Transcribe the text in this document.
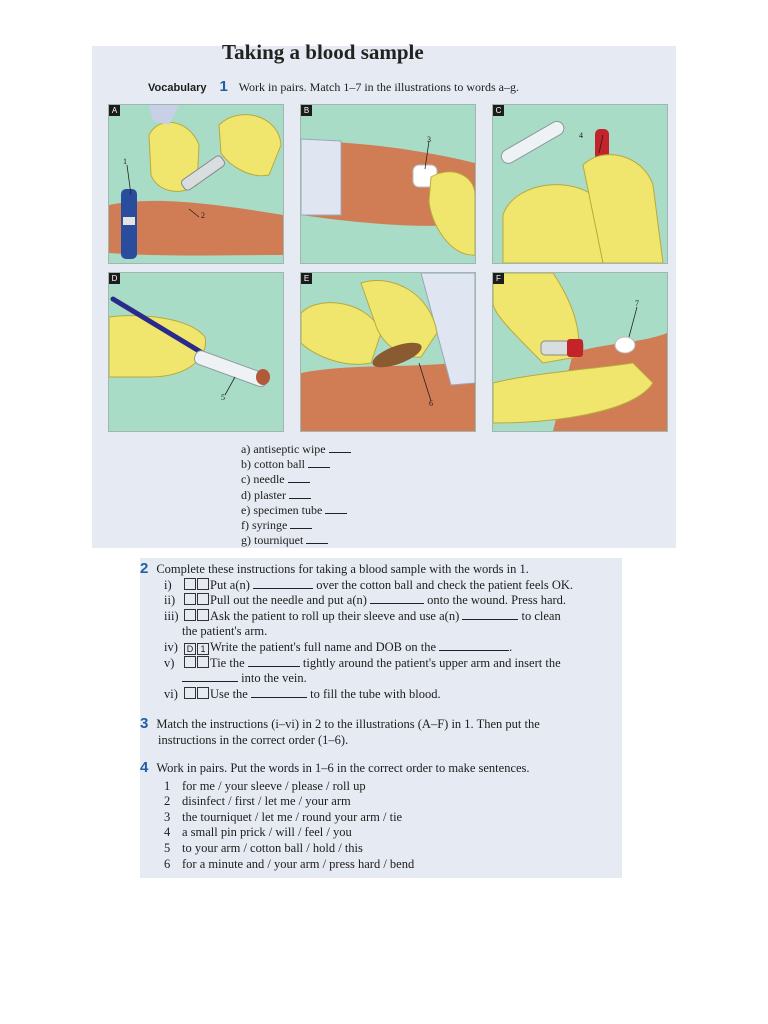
Taking a blood sample
Vocabulary 1 Work in pairs. Match 1–7 in the illustrations to words a–g.
A
1
2
B
3
C
4
D
5
E
6
F
7
a) antiseptic wipe
b) cotton ball
c) needle
d) plaster
e) specimen tube
f) syringe
g) tourniquet
2 Complete these instructions for taking a blood sample with the words in 1.
i)	Put a(n)	over the cotton ball and check the patient feels OK.
ii)	Pull out the needle and put a(n)	onto the wound. Press hard.
iii)	Ask the patient to roll up their sleeve and use a(n)	to clean
the patient's arm.
iv) D 1 Write the patient's full name and DOB on the	.
v)	Tie the	tightly around the patient's upper arm and insert the
into the vein.
vi)	Use the	to fill the tube with blood.
3 Match the instructions (i–vi) in 2 to the illustrations (A–F) in 1. Then put the
instructions in the correct order (1–6).
4 Work in pairs. Put the words in 1–6 in the correct order to make sentences.
1 for me / your sleeve / please / roll up
2 disinfect / first / let me / your arm
3 the tourniquet / let me / round your arm / tie
4 a small pin prick / will / feel / you
5 to your arm / cotton ball / hold / this
6 for a minute and / your arm / press hard / bend
